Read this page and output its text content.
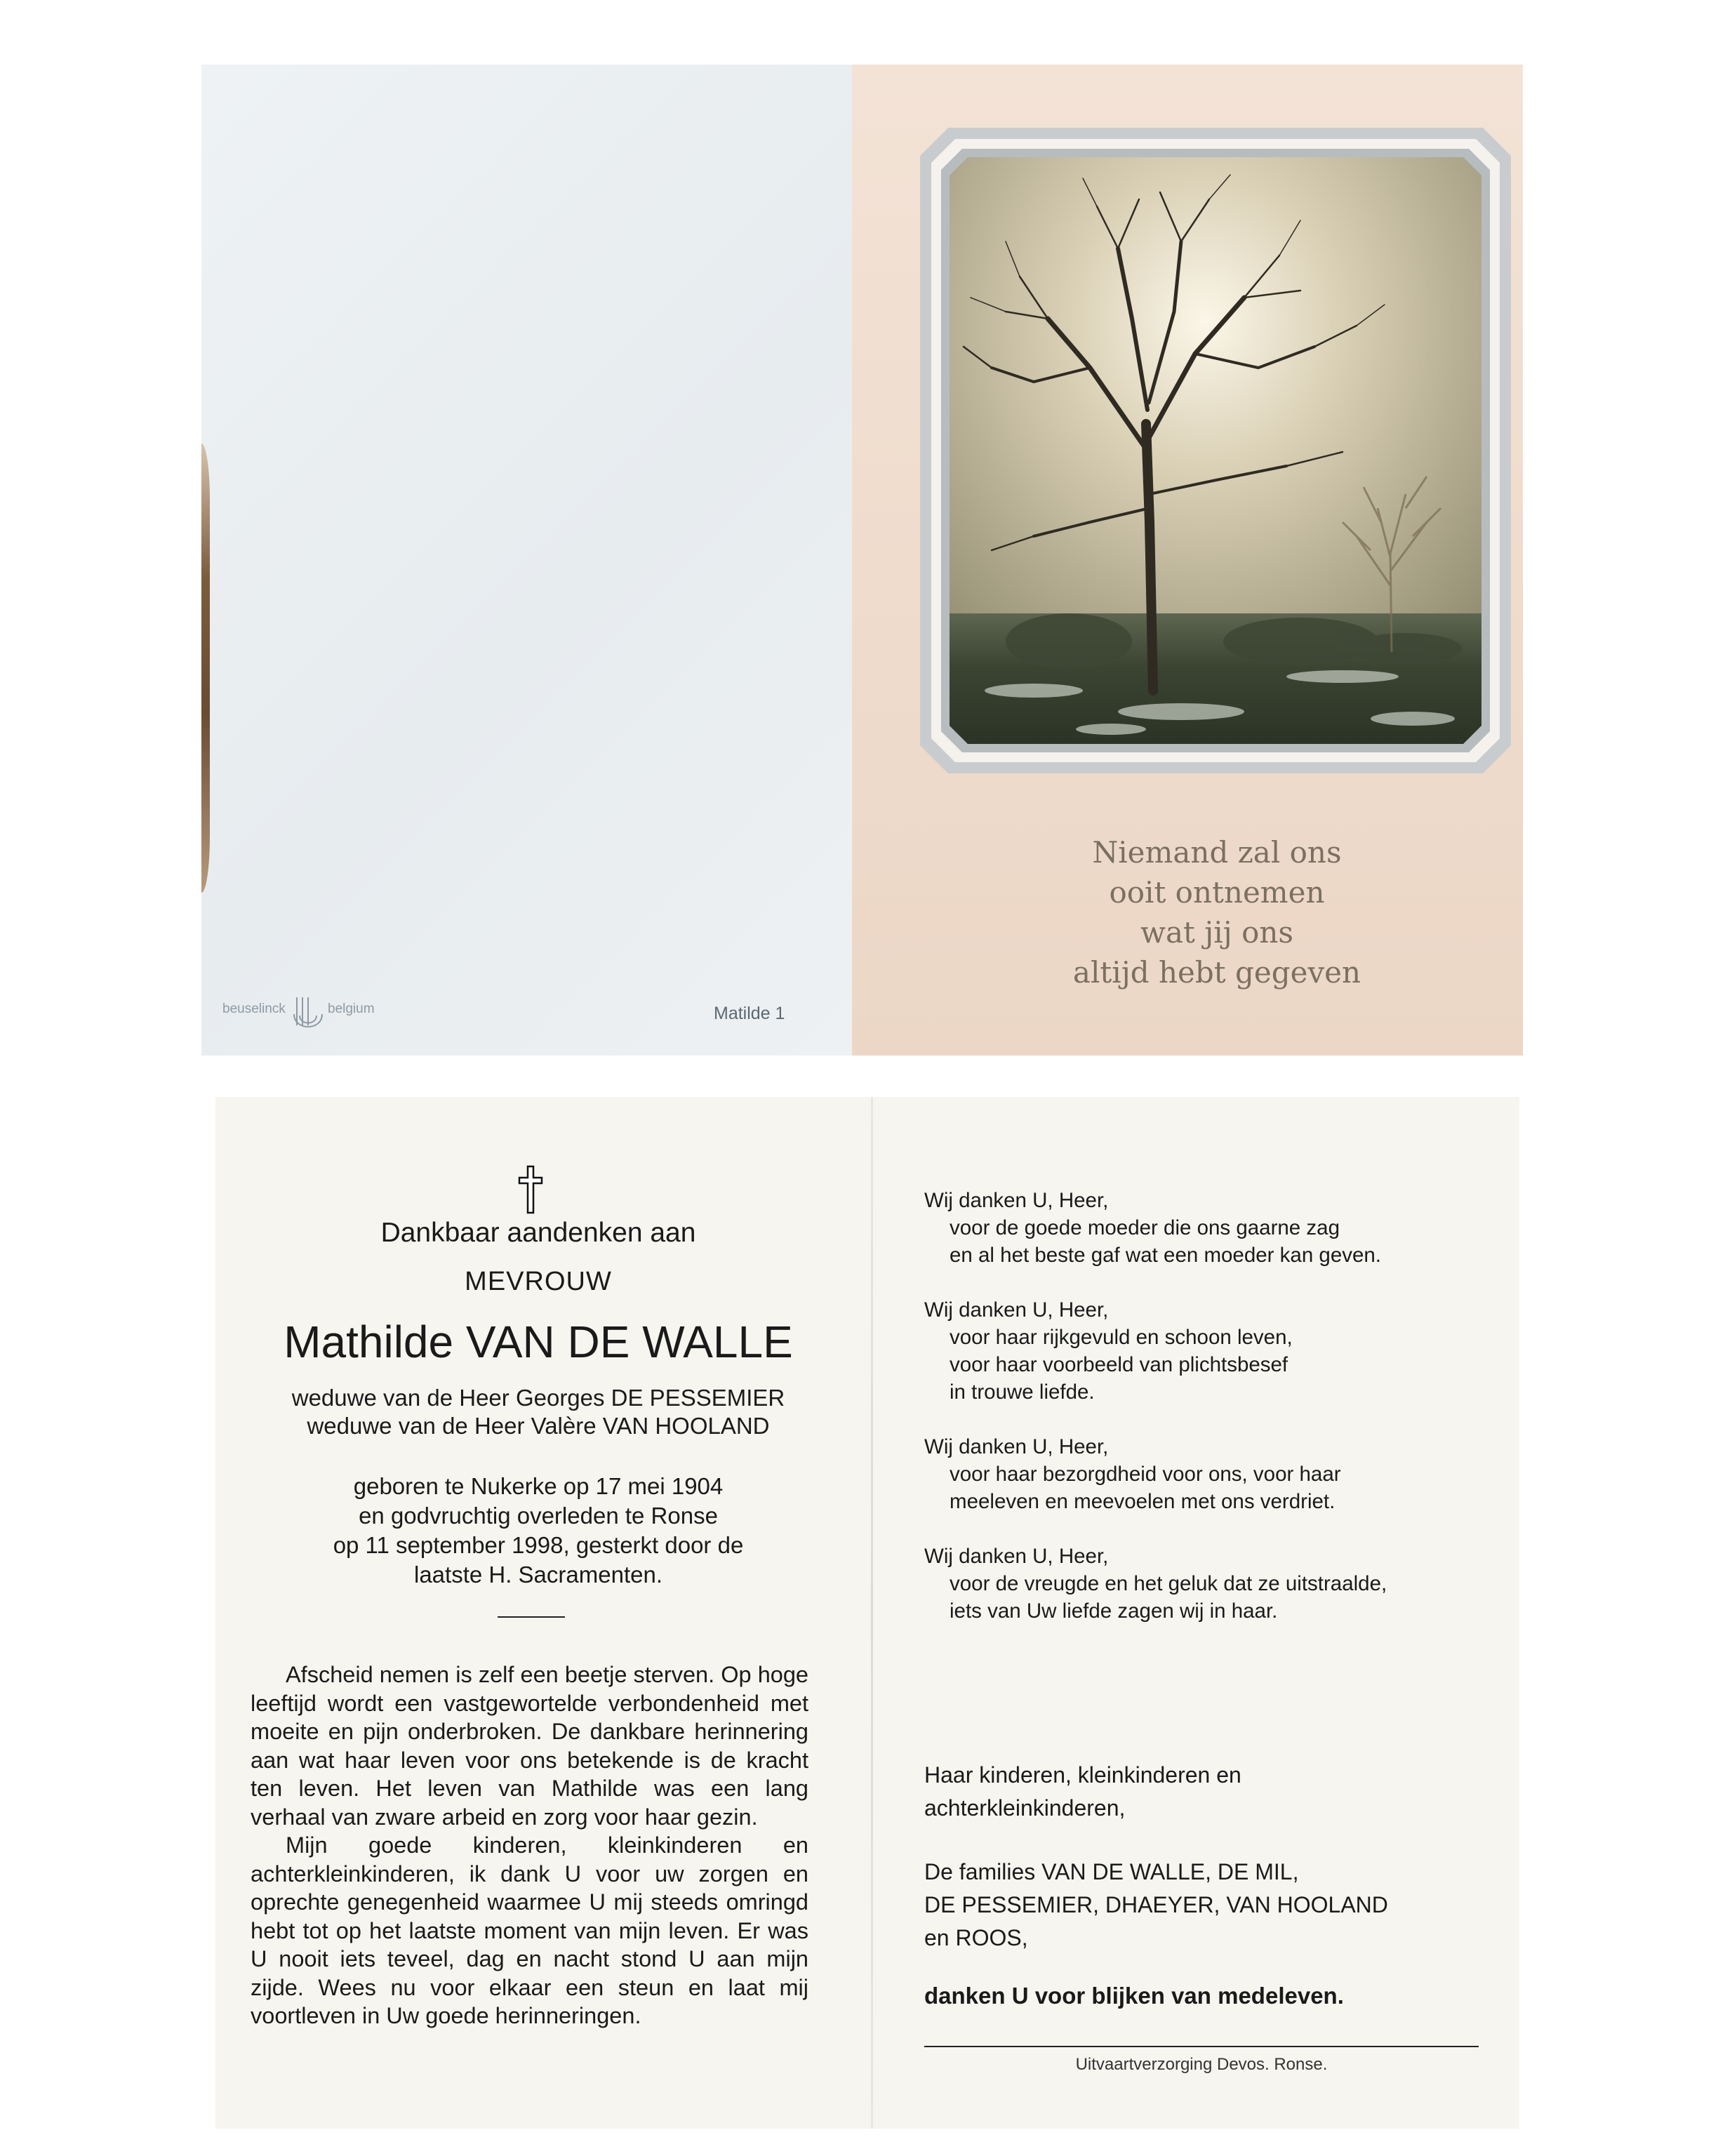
beuselinck	belgium	Matilde 1
Niemand zal ons
ooit ontnemen
wat jij ons
altijd hebt gegeven
Dankbaar aandenken aan
MEVROUW
Mathilde VAN DE WALLE
weduwe van de Heer Georges DE PESSEMIER
weduwe van de Heer Valère VAN HOOLAND
geboren te Nukerke op 17 mei 1904
en godvruchtig overleden te Ronse
op 11 september 1998, gesterkt door de
laatste H. Sacramenten.

Afscheid nemen is zelf een beetje sterven. Op hoge leeftijd wordt een vastgewortelde verbondenheid met moeite en pijn onderbroken. De dankbare herinnering aan wat haar leven voor ons betekende is de kracht ten leven. Het leven van Mathilde was een lang verhaal van zware arbeid en zorg voor haar gezin.

Mijn goede kinderen, kleinkinderen en achterkleinkinderen, ik dank U voor uw zorgen en oprechte genegenheid waarmee U mij steeds omringd hebt tot op het laatste moment van mijn leven. Er was U nooit iets teveel, dag en nacht stond U aan mijn zijde. Wees nu voor elkaar een steun en laat mij voortleven in Uw goede herinneringen.

Wij danken U, Heer,
voor de goede moeder die ons gaarne zag
en al het beste gaf wat een moeder kan geven.
Wij danken U, Heer,
voor haar rijkgevuld en schoon leven,
voor haar voorbeeld van plichtsbesef
in trouwe liefde.
Wij danken U, Heer,
voor haar bezorgdheid voor ons, voor haar
meeleven en meevoelen met ons verdriet.
Wij danken U, Heer,
voor de vreugde en het geluk dat ze uitstraalde,
iets van Uw liefde zagen wij in haar.
Haar kinderen, kleinkinderen en
achterkleinkinderen,
De families VAN DE WALLE, DE MIL,
DE PESSEMIER, DHAEYER, VAN HOOLAND
en ROOS,
danken U voor blijken van medeleven.
Uitvaartverzorging Devos. Ronse.
